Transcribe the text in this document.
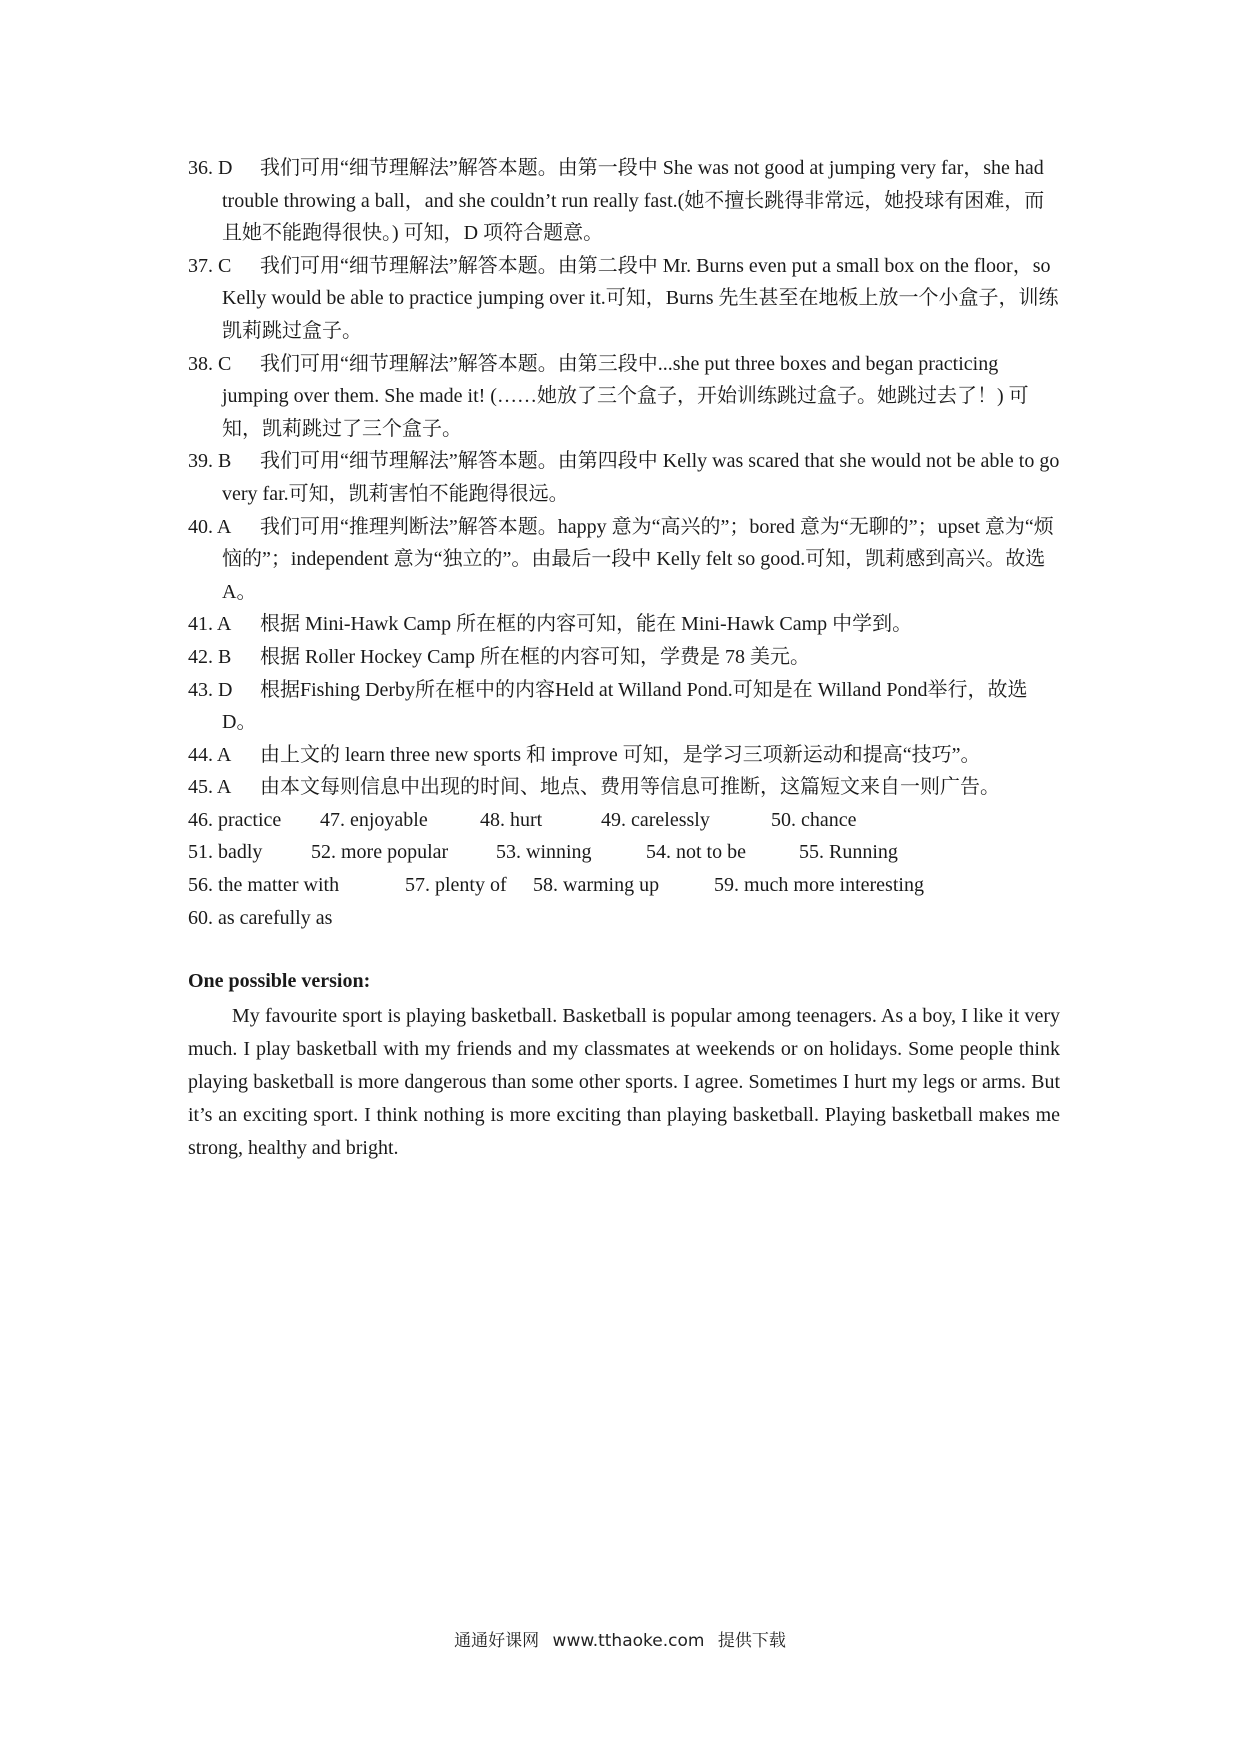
36. D 我们可用“细节理解法”解答本题。由第一段中 She was not good at jumping very far，she had trouble throwing a ball，and she couldn’t run really fast.(她不擅长跳得非常远，她投球有困难，而且她不能跑得很快。) 可知，D 项符合题意。
37. C 我们可用“细节理解法”解答本题。由第二段中 Mr. Burns even put a small box on the floor，so Kelly would be able to practice jumping over it.可知，Burns 先生甚至在地板上放一个小盒子，训练凯莉跳过盒子。
38. C 我们可用“细节理解法”解答本题。由第三段中...she put three boxes and began practicing jumping over them. She made it! (……她放了三个盒子，开始训练跳过盒子。她跳过去了！) 可知，凯莉跳过了三个盒子。
39. B 我们可用“细节理解法”解答本题。由第四段中 Kelly was scared that she would not be able to go very far.可知，凯莉害怕不能跑得很远。
40. A 我们可用“推理判断法”解答本题。happy 意为“高兴的”；bored 意为“无聊的”；upset 意为“烦恼的”；independent 意为“独立的”。由最后一段中 Kelly felt so good.可知，凯莉感到高兴。故选 A。
41. A 根据 Mini-Hawk Camp 所在框的内容可知，能在 Mini-Hawk Camp 中学到。
42. B 根据 Roller Hockey Camp 所在框的内容可知，学费是 78 美元。
43. D 根据Fishing Derby所在框中的内容Held at Willand Pond.可知是在 Willand Pond举行，故选 D。
44. A 由上文的 learn three new sports 和 improve 可知，是学习三项新运动和提高“技巧”。
45. A 由本文每则信息中出现的时间、地点、费用等信息可推断，这篇短文来自一则广告。
46. practice	47. enjoyable	48. hurt	49. carelessly	50. chance
51. badly	52. more popular	53. winning	54. not to be	55. Running
56. the matter with	57. plenty of	58. warming up	59. much more interesting
60. as carefully as
One possible version:
My favourite sport is playing basketball. Basketball is popular among teenagers. As a boy, I like it very much. I play basketball with my friends and my classmates at weekends or on holidays. Some people think playing basketball is more dangerous than some other sports. I agree. Sometimes I hurt my legs or arms. But it’s an exciting sport. I think nothing is more exciting than playing basketball. Playing basketball makes me strong, healthy and bright.
通通好课网 www.tthaoke.com 提供下载
